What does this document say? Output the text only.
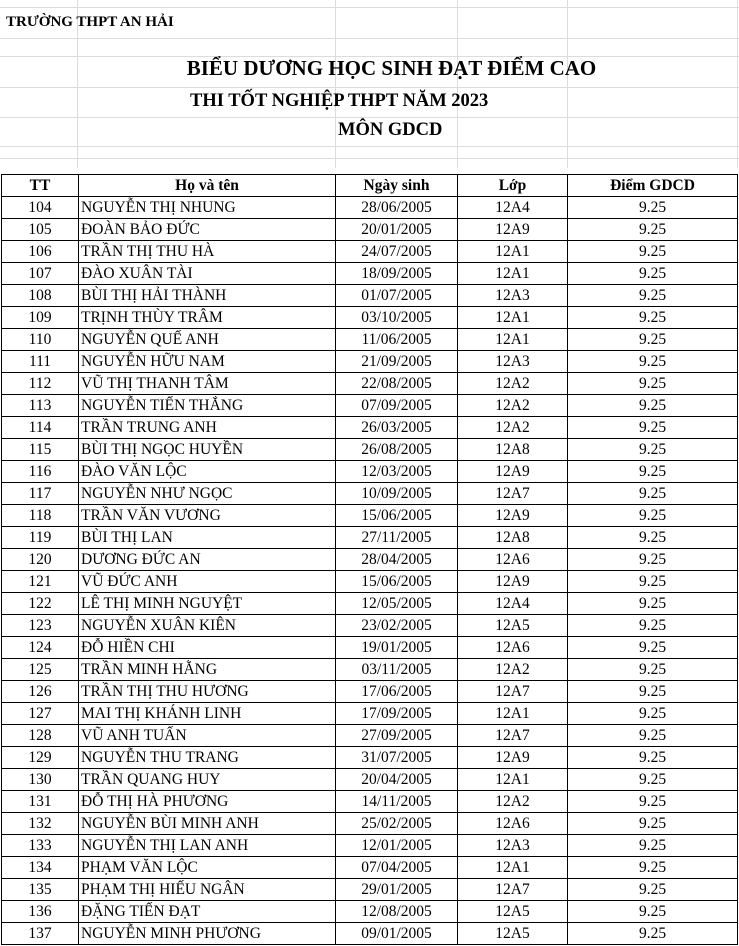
TRƯỜNG THPT AN HẢI
BIỂU DƯƠNG HỌC SINH ĐẠT ĐIỂM CAO
THI TỐT NGHIỆP THPT NĂM 2023
MÔN GDCD
TT	Họ và tên	Ngày sinh	Lớp	Điểm GDCD
104	NGUYỄN THỊ NHUNG	28/06/2005	12A4	9.25
105	ĐOÀN BẢO ĐỨC	20/01/2005	12A9	9.25
106	TRẦN THỊ THU HÀ	24/07/2005	12A1	9.25
107	ĐÀO XUÂN TÀI	18/09/2005	12A1	9.25
108	BÙI THỊ HẢI THÀNH	01/07/2005	12A3	9.25
109	TRỊNH THÙY TRÂM	03/10/2005	12A1	9.25
110	NGUYỄN QUẾ ANH	11/06/2005	12A1	9.25
111	NGUYỄN HỮU NAM	21/09/2005	12A3	9.25
112	VŨ THỊ THANH TÂM	22/08/2005	12A2	9.25
113	NGUYỄN TIẾN THẮNG	07/09/2005	12A2	9.25
114	TRẦN TRUNG ANH	26/03/2005	12A2	9.25
115	BÙI THỊ NGỌC HUYỀN	26/08/2005	12A8	9.25
116	ĐÀO VĂN LỘC	12/03/2005	12A9	9.25
117	NGUYỄN NHƯ NGỌC	10/09/2005	12A7	9.25
118	TRẦN VĂN VƯƠNG	15/06/2005	12A9	9.25
119	BÙI THỊ LAN	27/11/2005	12A8	9.25
120	DƯƠNG ĐỨC AN	28/04/2005	12A6	9.25
121	VŨ ĐỨC ANH	15/06/2005	12A9	9.25
122	LÊ THỊ MINH NGUYỆT	12/05/2005	12A4	9.25
123	NGUYỄN XUÂN KIÊN	23/02/2005	12A5	9.25
124	ĐỖ HIỀN CHI	19/01/2005	12A6	9.25
125	TRẦN MINH HẰNG	03/11/2005	12A2	9.25
126	TRẦN THỊ THU HƯƠNG	17/06/2005	12A7	9.25
127	MAI THỊ KHÁNH LINH	17/09/2005	12A1	9.25
128	VŨ ANH TUẤN	27/09/2005	12A7	9.25
129	NGUYỄN THU TRANG	31/07/2005	12A9	9.25
130	TRẦN QUANG HUY	20/04/2005	12A1	9.25
131	ĐỖ THỊ HÀ PHƯƠNG	14/11/2005	12A2	9.25
132	NGUYỄN BÙI MINH ANH	25/02/2005	12A6	9.25
133	NGUYỄN THỊ LAN ANH	12/01/2005	12A3	9.25
134	PHẠM VĂN LỘC	07/04/2005	12A1	9.25
135	PHẠM THỊ HIẾU NGÂN	29/01/2005	12A7	9.25
136	ĐẶNG TIẾN ĐẠT	12/08/2005	12A5	9.25
137	NGUYỄN MINH PHƯƠNG	09/01/2005	12A5	9.25
